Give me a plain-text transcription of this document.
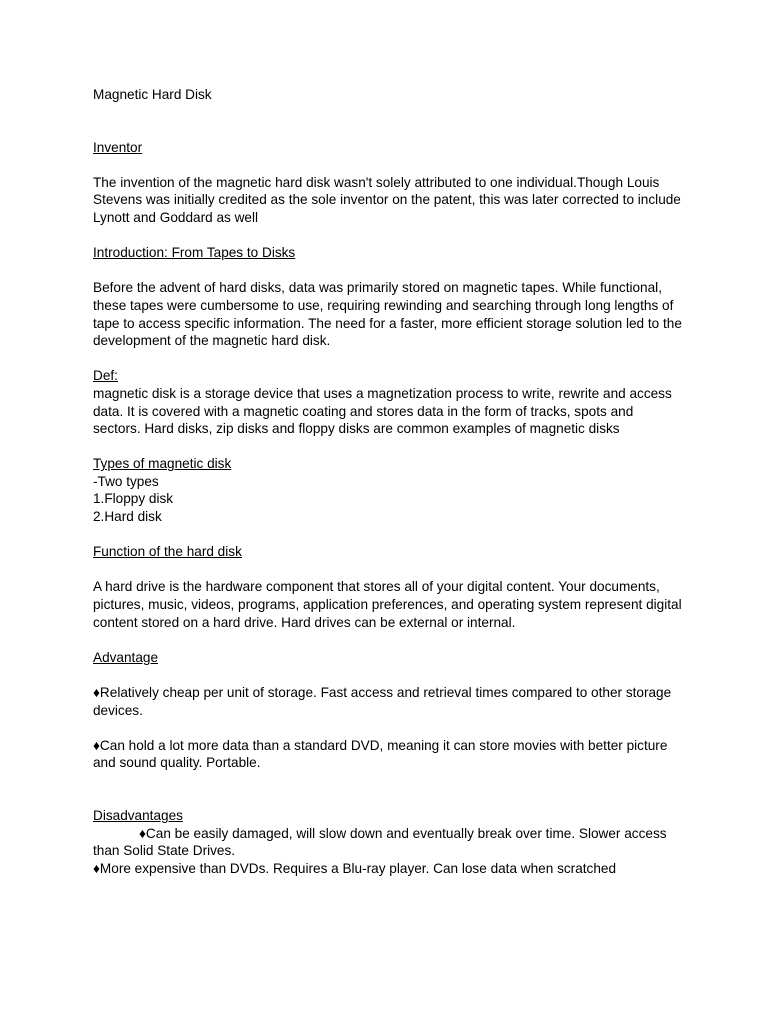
Magnetic Hard Disk
Inventor
The invention of the magnetic hard disk wasn't solely attributed to one individual.Though Louis Stevens was initially credited as the sole inventor on the patent, this was later corrected to include Lynott and Goddard as well
Introduction: From Tapes to Disks
Before the advent of hard disks, data was primarily stored on magnetic tapes. While functional, these tapes were cumbersome to use, requiring rewinding and searching through long lengths of tape to access specific information. The need for a faster, more efficient storage solution led to the development of the magnetic hard disk.
Def:
magnetic disk is a storage device that uses a magnetization process to write, rewrite and access data. It is covered with a magnetic coating and stores data in the form of tracks, spots and sectors. Hard disks, zip disks and floppy disks are common examples of magnetic disks
Types of magnetic disk
-Two types
1.Floppy disk
2.Hard disk
Function of the hard disk
A hard drive is the hardware component that stores all of your digital content. Your documents, pictures, music, videos, programs, application preferences, and operating system represent digital content stored on a hard drive. Hard drives can be external or internal.
Advantage
♦Relatively cheap per unit of storage. Fast access and retrieval times compared to other storage devices.
♦Can hold a lot more data than a standard DVD, meaning it can store movies with better picture and sound quality. Portable.
Disadvantages
♦Can be easily damaged, will slow down and eventually break over time. Slower access than Solid State Drives.
♦More expensive than DVDs. Requires a Blu-ray player. Can lose data when scratched
